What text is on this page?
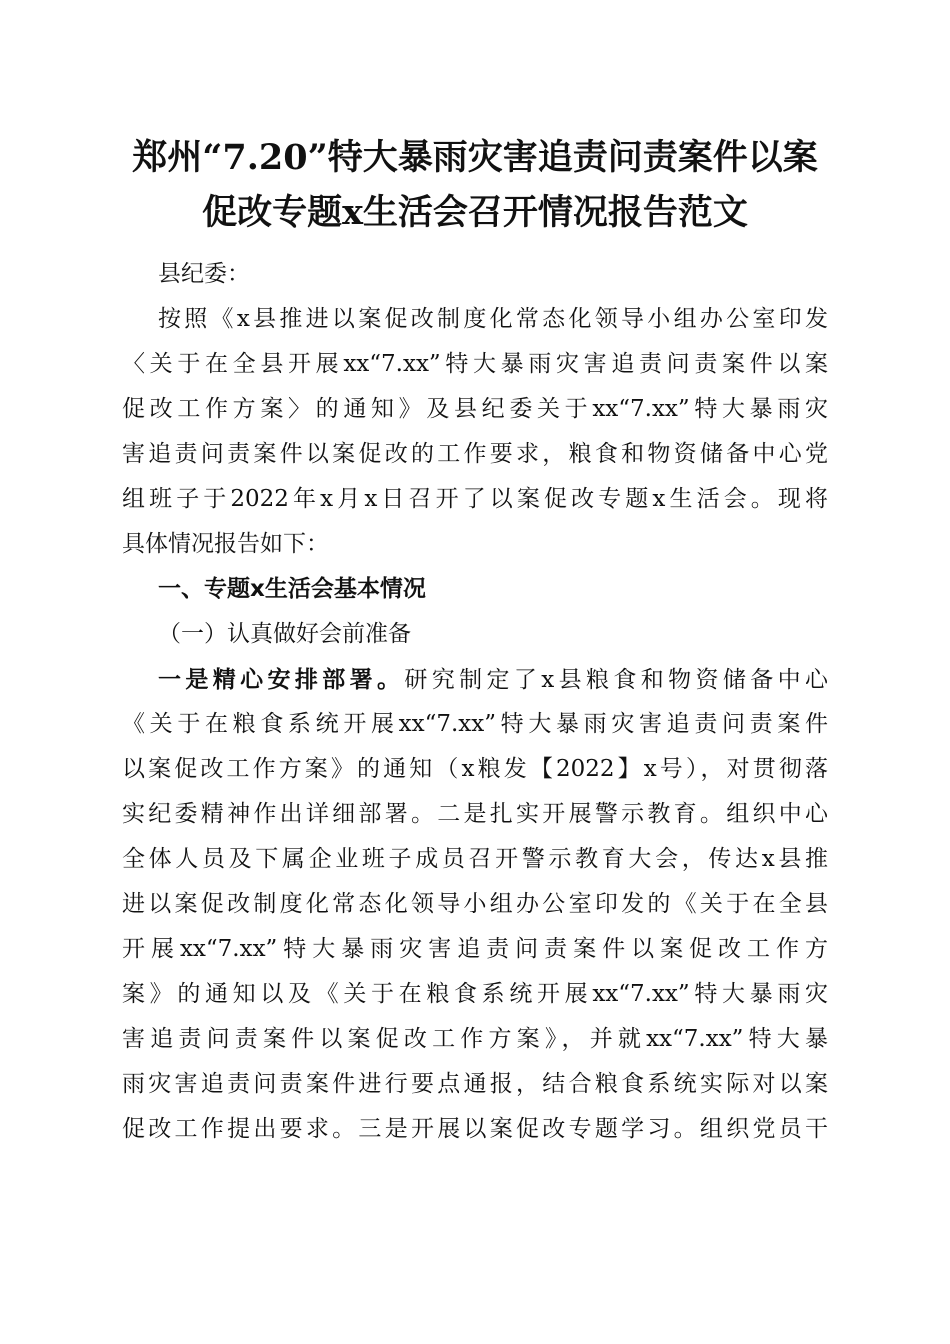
郑州“7.20”特大暴雨灾害追责问责案件以案
促改专题x生活会召开情况报告范文
县纪委：
按照《x县推进以案促改制度化常态化领导小组办公室印发
〈关于在全县开展xx“7.xx”特大暴雨灾害追责问责案件以案
促改工作方案〉的通知》及县纪委关于xx“7.xx”特大暴雨灾
害追责问责案件以案促改的工作要求，粮食和物资储备中心党
组班子于2022年x月x日召开了以案促改专题x生活会。现将
具体情况报告如下：
一、专题x生活会基本情况
（一）认真做好会前准备
一是精心安排部署。研究制定了x县粮食和物资储备中心
《关于在粮食系统开展xx“7.xx”特大暴雨灾害追责问责案件
以案促改工作方案》的通知（x粮发【2022】x号），对贯彻落
实纪委精神作出详细部署。二是扎实开展警示教育。组织中心
全体人员及下属企业班子成员召开警示教育大会，传达x县推
进以案促改制度化常态化领导小组办公室印发的《关于在全县
开展xx“7.xx”特大暴雨灾害追责问责案件以案促改工作方
案》的通知以及《关于在粮食系统开展xx“7.xx”特大暴雨灾
害追责问责案件以案促改工作方案》，并就xx“7.xx”特大暴
雨灾害追责问责案件进行要点通报，结合粮食系统实际对以案
促改工作提出要求。三是开展以案促改专题学习。组织党员干
